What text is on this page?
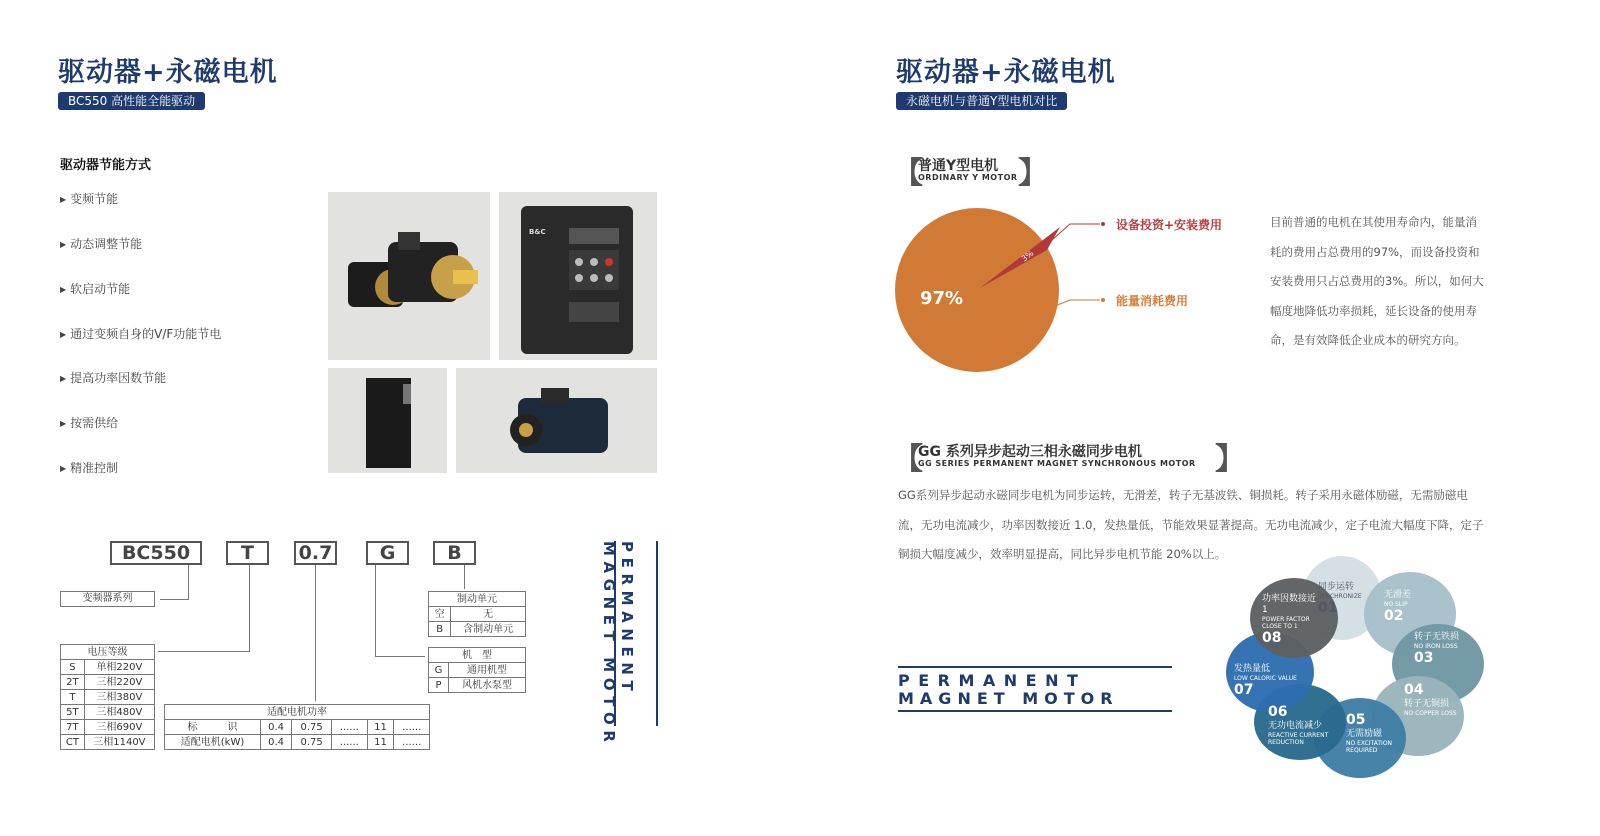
驱动器+永磁电机
BC550 高性能全能驱动
驱动器节能方式
▶ 变频节能
▶ 动态调整节能
▶ 软启动节能
▶ 通过变频自身的V/F功能节电
▶ 提高功率因数节能
▶ 按需供给
▶ 精准控制
B&C
BC550	T	0.7	G	B
变频器系列
电压等级	
S	单相220V
2T	三相220V
T	三相380V
5T	三相480V
7T	三相690V
CT	三相1140V
适配电机功率					
标　　　识	0.4	0.75	......	11	......
适配电机(kW)	0.4	0.75	......	11	......
制动单元	
空	无
B	含制动单元
机　型	
G	通用机型
P	风机水泵型	PERMANENT
MAGNET MOTOR
驱动器+永磁电机
永磁电机与普通Y型电机对比
【
普通Y型电机
ORDINARY Y MOTOR 】
97%
3%
设备投资+安装费用
能量消耗费用
目前普通的电机在其使用寿命内，能量消
耗的费用占总费用的97%，而设备投资和
安装费用只占总费用的3%。所以，如何大
幅度地降低功率损耗，延长设备的使用寿
命，是有效降低企业成本的研究方向。
【
GG 系列异步起动三相永磁同步电机
GG SERIES PERMANENT MAGNET SYNCHRONOUS MOTOR 】
GG系列异步起动永磁同步电机为同步运转，无滑差，转子无基波铁、铜损耗。转子采用永磁体励磁，无需励磁电
流，无功电流减少，功率因数接近 1.0，发热量低，节能效果显著提高。无功电流减少，定子电流大幅度下降，定子
铜损大幅度减少，效率明显提高，同比异步电机节能 20%以上。
PERMANENT
MAGNET MOTOR
同步运转
SYNCHRONIZE
01
无滑差
NO SLIP
02
转子无铁损
NO IRON LOSS
03
04
转子无铜损
NO COPPER LOSS
05
无需励磁
NO EXCITATION REQUIRED
06
无功电流减少
REACTIVE CURRENT REDUCTION
发热量低
LOW CALORIC VALUE
07
功率因数接近1
POWER FACTOR CLOSE TO 1
08
